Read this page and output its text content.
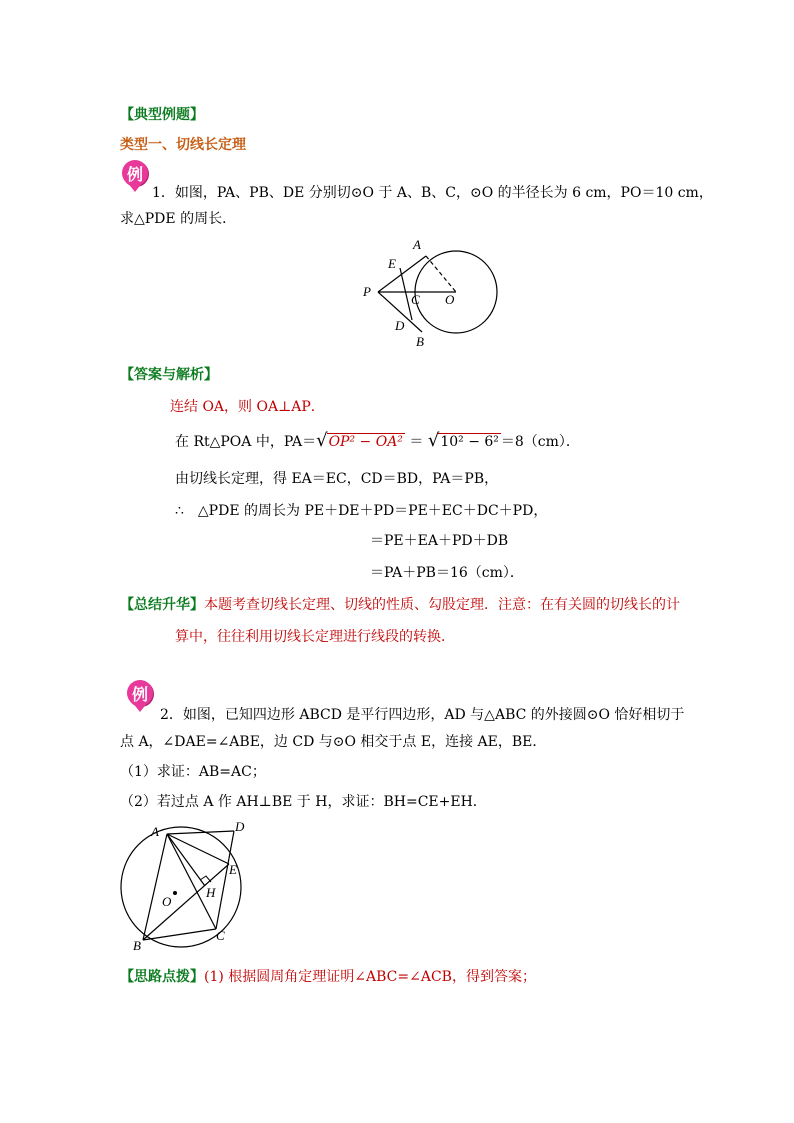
【典型例题】
类型一、切线长定理
例
1．如图，PA、PB、DE 分别切⊙O 于 A、B、C，⊙O 的半径长为 6 cm，PO＝10 cm，
求△PDE 的周长．
A
E
P
C O
D
B
【答案与解析】
连结 OA，则 OA⊥AP．
在 Rt△POA 中，PA＝√OP² − OA² ＝ √10² − 6² ＝8（cm）．
由切线长定理，得 EA＝EC，CD＝BD，PA＝PB，
∴　△PDE 的周长为 PE＋DE＋PD＝PE＋EC＋DC＋PD，
＝PE＋EA＋PD＋DB
＝PA＋PB＝16（cm）．
【总结升华】本题考查切线长定理、切线的性质、勾股定理．注意：在有关圆的切线长的计
算中，往往利用切线长定理进行线段的转换．
例
2．如图，已知四边形 ABCD 是平行四边形，AD 与△ABC 的外接圆⊙O 恰好相切于
点 A，∠DAE=∠ABE，边 CD 与⊙O 相交于点 E，连接 AE，BE．
（1）求证：AB=AC；
（2）若过点 A 作 AH⊥BE 于 H，求证：BH=CE+EH．
A	D
E
H
O
B
C
【思路点拨】(1) 根据圆周角定理证明∠ABC=∠ACB，得到答案；
